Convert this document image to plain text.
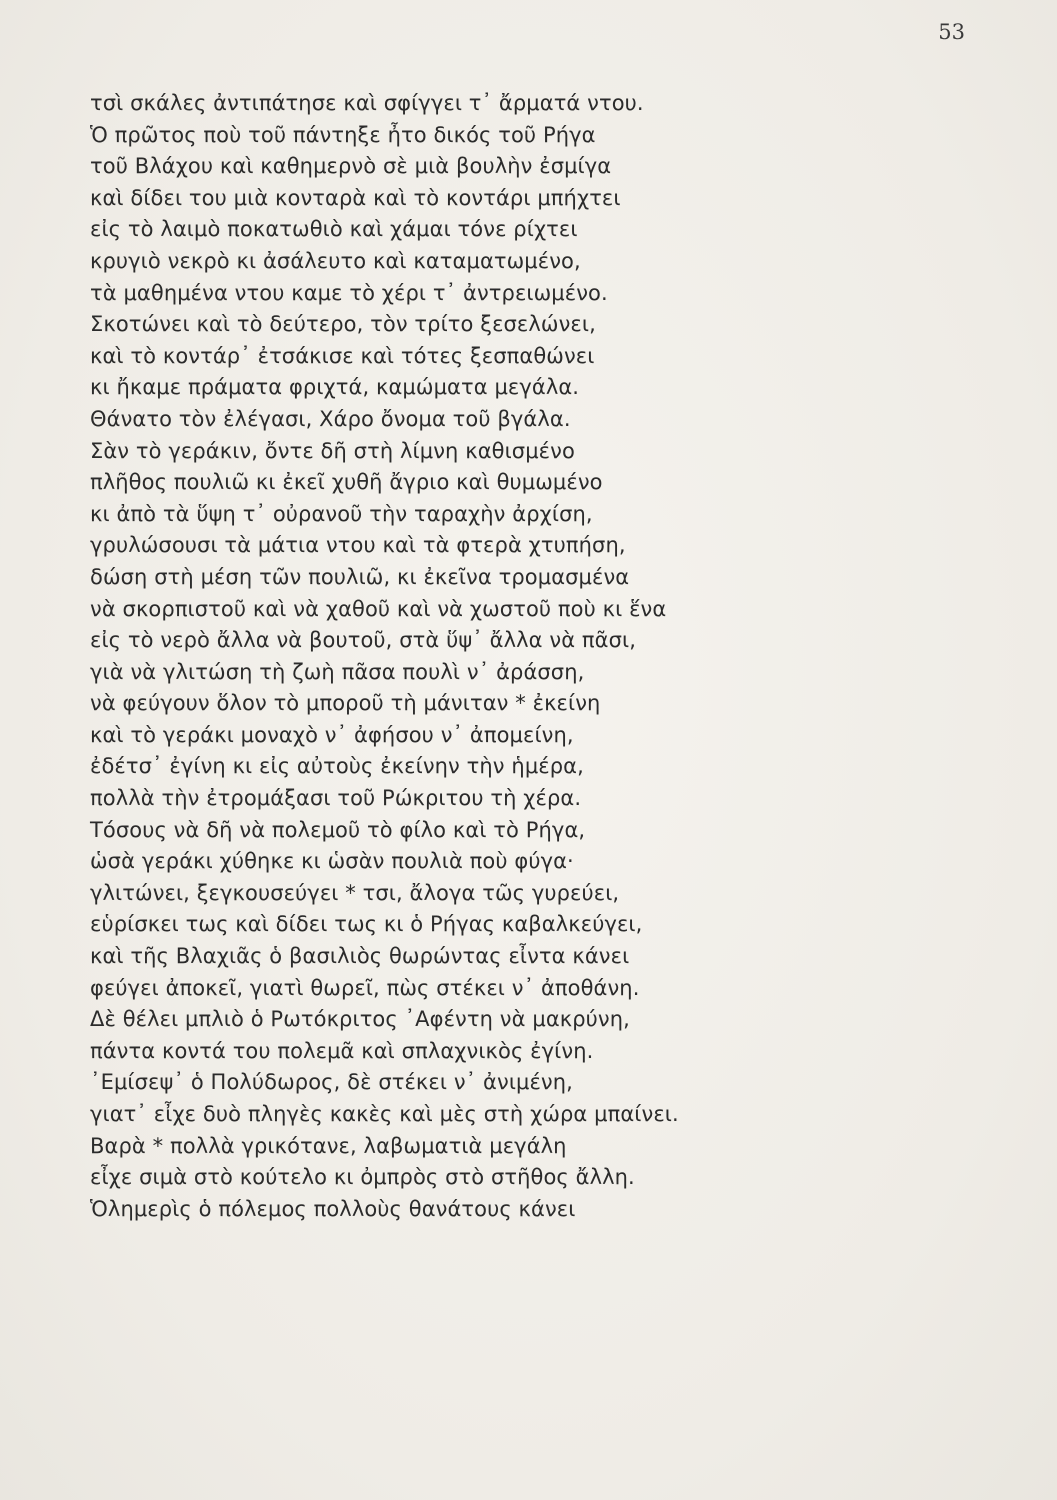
53
τσὶ σκάλες ἀντιπάτησε καὶ σφίγγει τ᾽ ἄρματά ντου.
Ὁ πρῶτος ποὺ τοῦ πάντηξε ἦτο δικός τοῦ Ρήγα
τοῦ Βλάχου καὶ καθημερνὸ σὲ μιὰ βουλὴν ἐσμίγα
καὶ δίδει του μιὰ κονταρὰ καὶ τὸ κοντάρι μπήχτει
εἰς τὸ λαιμὸ ποκατωθιὸ καὶ χάμαι τόνε ρίχτει
κρυγιὸ νεκρὸ κι ἀσάλευτο καὶ καταματωμένο,
τὰ μαθημένα ντου καμε τὸ χέρι τ᾽ ἀντρειωμένο.
Σκοτώνει καὶ τὸ δεύτερο, τὸν τρίτο ξεσελώνει,
καὶ τὸ κοντάρ᾽ ἐτσάκισε καὶ τότες ξεσπαθώνει
κι ἤκαμε πράματα φριχτά, καμώματα μεγάλα.
Θάνατο τὸν ἐλέγασι, Χάρο ὄνομα τοῦ βγάλα.
Σὰν τὸ γεράκιν, ὄντε δῆ στὴ λίμνη καθισμένο
πλῆθος πουλιῶ κι ἐκεῖ χυθῆ ἄγριο καὶ θυμωμένο
κι ἀπὸ τὰ ὕψη τ᾽ οὐρανοῦ τὴν ταραχὴν ἀρχίση,
γρυλώσουσι τὰ μάτια ντου καὶ τὰ φτερὰ χτυπήση,
δώση στὴ μέση τῶν πουλιῶ, κι ἐκεῖνα τρομασμένα
νὰ σκορπιστοῦ καὶ νὰ χαθοῦ καὶ νὰ χωστοῦ ποὺ κι ἕνα
εἰς τὸ νερὸ ἄλλα νὰ βουτοῦ, στὰ ὕψ᾽ ἄλλα νὰ πᾶσι,
γιὰ νὰ γλιτώση τὴ ζωὴ πᾶσα πουλὶ ν᾽ ἀράσση,
νὰ φεύγουν ὅλον τὸ μποροῦ τὴ μάνιταν * ἐκείνη
καὶ τὸ γεράκι μοναχὸ ν᾽ ἀφήσου ν᾽ ἀπομείνη,
ἐδέτσ᾽ ἐγίνη κι εἰς αὐτοὺς ἐκείνην τὴν ἡμέρα,
πολλὰ τὴν ἐτρομάξασι τοῦ Ρώκριτου τὴ χέρα.
Τόσους νὰ δῆ νὰ πολεμοῦ τὸ φίλο καὶ τὸ Ρήγα,
ὡσὰ γεράκι χύθηκε κι ὡσὰν πουλιὰ ποὺ φύγα·
γλιτώνει, ξεγκουσεύγει * τσι, ἄλογα τῶς γυρεύει,
εὑρίσκει τως καὶ δίδει τως κι ὁ Ρήγας καβαλκεύγει,
καὶ τῆς Βλαχιᾶς ὁ βασιλιὸς θωρώντας εἶντα κάνει
φεύγει ἀποκεῖ, γιατὶ θωρεῖ, πὼς στέκει ν᾽ ἀποθάνη.
Δὲ θέλει μπλιὸ ὁ Ρωτόκριτος ᾽Αφέντη νὰ μακρύνη,
πάντα κοντά του πολεμᾶ καὶ σπλαχνικὸς ἐγίνη.
᾽Εμίσεψ᾽ ὁ Πολύδωρος, δὲ στέκει ν᾽ ἀνιμένη,
γιατ᾽ εἶχε δυὸ πληγὲς κακὲς καὶ μὲς στὴ χώρα μπαίνει.
Βαρὰ * πολλὰ γρικότανε, λαβωματιὰ μεγάλη
εἶχε σιμὰ στὸ κούτελο κι ὀμπρὸς στὸ στῆθος ἄλλη.
Ὁλημερὶς ὁ πόλεμος πολλοὺς θανάτους κάνει
